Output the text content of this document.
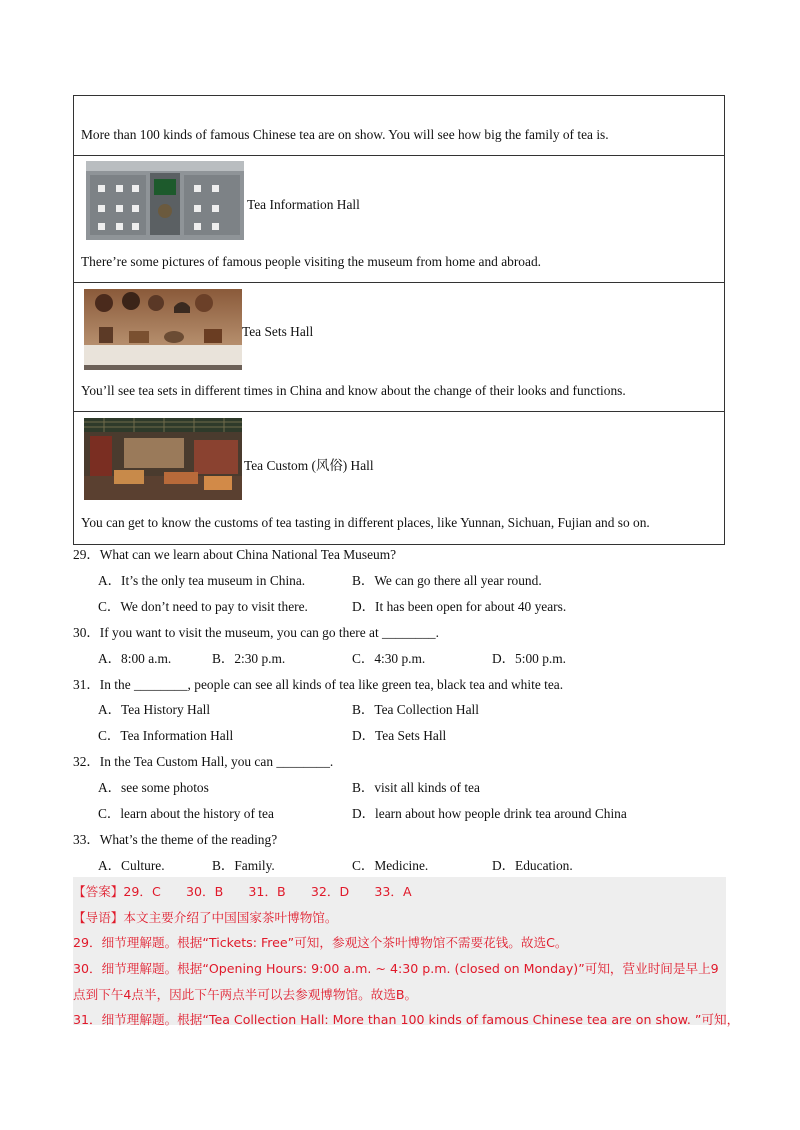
More than 100 kinds of famous Chinese tea are on show. You will see how big the family of tea is.
Tea Information Hall
There’re some pictures of famous people visiting the museum from home and abroad.
Tea Sets Hall
You’ll see tea sets in different times in China and know about the change of their looks and functions.
Tea Custom (风俗) Hall
You can get to know the customs of tea tasting in different places, like Yunnan, Sichuan, Fujian and so on.
29．What can we learn about China National Tea Museum?
A．It’s the only tea museum in China.	B．We can go there all year round.
C．We don’t need to pay to visit there.	D．It has been open for about 40 years.
30．If you want to visit the museum, you can go there at ________.
A．8:00 a.m.	B．2:30 p.m.	C．4:30 p.m.	D．5:00 p.m.
31．In the ________, people can see all kinds of tea like green tea, black tea and white tea.
A．Tea History Hall	B．Tea Collection Hall
C．Tea Information Hall	D．Tea Sets Hall
32．In the Tea Custom Hall, you can ________.
A．see some photos	B．visit all kinds of tea
C．learn about the history of tea	D．learn about how people drink tea around China
33．What’s the theme of the reading?
A．Culture.	B．Family.	C．Medicine.	D．Education.
【答案】29．C　　30．B　　31．B　　32．D　　33．A
【导语】本文主要介绍了中国国家茶叶博物馆。
29．细节理解题。根据“Tickets: Free”可知，参观这个茶叶博物馆不需要花钱。故选C。
30．细节理解题。根据“Opening Hours: 9:00 a.m. ~ 4:30 p.m. (closed on Monday)”可知，营业时间是早上9
点到下午4点半，因此下午两点半可以去参观博物馆。故选B。
31．细节理解题。根据“Tea Collection Hall: More than 100 kinds of famous Chinese tea are on show. ”可知，
